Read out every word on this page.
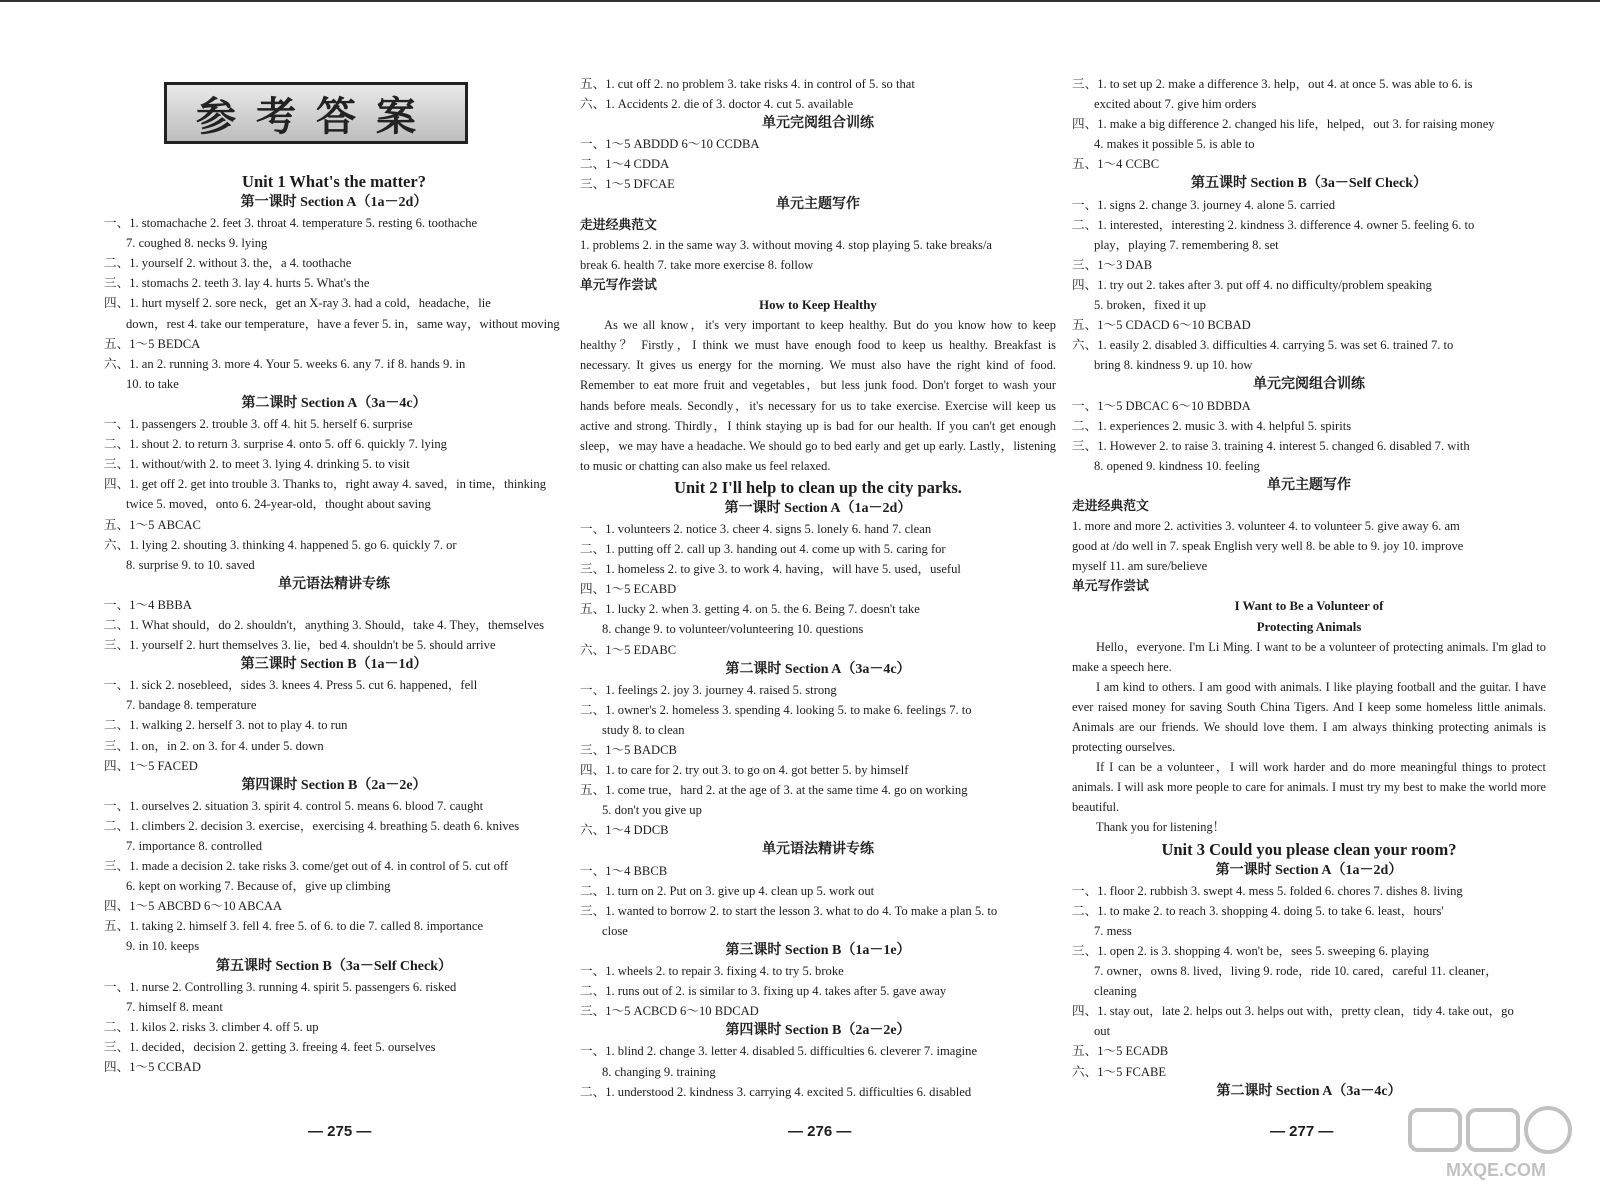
参考答案
Unit 1 What's the matter?
第一课时 Section A（1a－2d）
一、1. stomachache 2. feet 3. throat 4. temperature 5. resting 6. toothache
7. coughed 8. necks 9. lying
二、1. yourself 2. without 3. the，a 4. toothache
三、1. stomachs 2. teeth 3. lay 4. hurts 5. What's the
四、1. hurt myself 2. sore neck，get an X-ray 3. had a cold，headache，lie
down，rest 4. take our temperature，have a fever 5. in，same way，without moving
五、1～5 BEDCA
六、1. an 2. running 3. more 4. Your 5. weeks 6. any 7. if 8. hands 9. in
10. to take
第二课时 Section A（3a－4c）
一、1. passengers 2. trouble 3. off 4. hit 5. herself 6. surprise
二、1. shout 2. to return 3. surprise 4. onto 5. off 6. quickly 7. lying
三、1. without/with 2. to meet 3. lying 4. drinking 5. to visit
四、1. get off 2. get into trouble 3. Thanks to，right away 4. saved，in time，thinking
twice 5. moved，onto 6. 24-year-old，thought about saving
五、1～5 ABCAC
六、1. lying 2. shouting 3. thinking 4. happened 5. go 6. quickly 7. or
8. surprise 9. to 10. saved
单元语法精讲专练
一、1～4 BBBA
二、1. What should，do 2. shouldn't，anything 3. Should，take 4. They，themselves
三、1. yourself 2. hurt themselves 3. lie，bed 4. shouldn't be 5. should arrive
第三课时 Section B（1a－1d）
一、1. sick 2. nosebleed，sides 3. knees 4. Press 5. cut 6. happened，fell
7. bandage 8. temperature
二、1. walking 2. herself 3. not to play 4. to run
三、1. on，in 2. on 3. for 4. under 5. down
四、1～5 FACED
第四课时 Section B（2a－2e）
一、1. ourselves 2. situation 3. spirit 4. control 5. means 6. blood 7. caught
二、1. climbers 2. decision 3. exercise，exercising 4. breathing 5. death 6. knives
7. importance 8. controlled
三、1. made a decision 2. take risks 3. come/get out of 4. in control of 5. cut off
6. kept on working 7. Because of，give up climbing
四、1～5 ABCBD 6～10 ABCAA
五、1. taking 2. himself 3. fell 4. free 5. of 6. to die 7. called 8. importance
9. in 10. keeps
第五课时 Section B（3a－Self Check）
一、1. nurse 2. Controlling 3. running 4. spirit 5. passengers 6. risked
7. himself 8. meant
二、1. kilos 2. risks 3. climber 4. off 5. up
三、1. decided，decision 2. getting 3. freeing 4. feet 5. ourselves
四、1～5 CCBAD
五、1. cut off 2. no problem 3. take risks 4. in control of 5. so that
六、1. Accidents 2. die of 3. doctor 4. cut 5. available
单元完阅组合训练
一、1～5 ABDDD 6～10 CCDBA
二、1～4 CDDA
三、1～5 DFCAE
单元主题写作
走进经典范文
1. problems 2. in the same way 3. without moving 4. stop playing 5. take breaks/a
break 6. health 7. take more exercise 8. follow
单元写作尝试
How to Keep Healthy

As we all know，it's very important to keep healthy. But do you know how to keep healthy？ Firstly，I think we must have enough food to keep us healthy. Breakfast is necessary. It gives us energy for the morning. We must also have the right kind of food. Remember to eat more fruit and vegetables，but less junk food. Don't forget to wash your hands before meals. Secondly，it's necessary for us to take exercise. Exercise will keep us active and strong. Thirdly，I think staying up is bad for our health. If you can't get enough sleep，we may have a headache. We should go to bed early and get up early. Lastly，listening to music or chatting can also make us feel relaxed.

Unit 2 I'll help to clean up the city parks.
第一课时 Section A（1a－2d）
一、1. volunteers 2. notice 3. cheer 4. signs 5. lonely 6. hand 7. clean
二、1. putting off 2. call up 3. handing out 4. come up with 5. caring for
三、1. homeless 2. to give 3. to work 4. having，will have 5. used，useful
四、1～5 ECABD
五、1. lucky 2. when 3. getting 4. on 5. the 6. Being 7. doesn't take
8. change 9. to volunteer/volunteering 10. questions
六、1～5 EDABC
第二课时 Section A（3a－4c）
一、1. feelings 2. joy 3. journey 4. raised 5. strong
二、1. owner's 2. homeless 3. spending 4. looking 5. to make 6. feelings 7. to
study 8. to clean
三、1～5 BADCB
四、1. to care for 2. try out 3. to go on 4. got better 5. by himself
五、1. come true，hard 2. at the age of 3. at the same time 4. go on working
5. don't you give up
六、1～4 DDCB
单元语法精讲专练
一、1～4 BBCB
二、1. turn on 2. Put on 3. give up 4. clean up 5. work out
三、1. wanted to borrow 2. to start the lesson 3. what to do 4. To make a plan 5. to
close
第三课时 Section B（1a－1e）
一、1. wheels 2. to repair 3. fixing 4. to try 5. broke
二、1. runs out of 2. is similar to 3. fixing up 4. takes after 5. gave away
三、1～5 ACBCD 6～10 BDCAD
第四课时 Section B（2a－2e）
一、1. blind 2. change 3. letter 4. disabled 5. difficulties 6. cleverer 7. imagine
8. changing 9. training
二、1. understood 2. kindness 3. carrying 4. excited 5. difficulties 6. disabled
三、1. to set up 2. make a difference 3. help，out 4. at once 5. was able to 6. is
excited about 7. give him orders
四、1. make a big difference 2. changed his life，helped，out 3. for raising money
4. makes it possible 5. is able to
五、1～4 CCBC
第五课时 Section B（3a－Self Check）
一、1. signs 2. change 3. journey 4. alone 5. carried
二、1. interested，interesting 2. kindness 3. difference 4. owner 5. feeling 6. to
play，playing 7. remembering 8. set
三、1～3 DAB
四、1. try out 2. takes after 3. put off 4. no difficulty/problem speaking
5. broken，fixed it up
五、1～5 CDACD 6～10 BCBAD
六、1. easily 2. disabled 3. difficulties 4. carrying 5. was set 6. trained 7. to
bring 8. kindness 9. up 10. how
单元完阅组合训练
一、1～5 DBCAC 6～10 BDBDA
二、1. experiences 2. music 3. with 4. helpful 5. spirits
三、1. However 2. to raise 3. training 4. interest 5. changed 6. disabled 7. with
8. opened 9. kindness 10. feeling
单元主题写作
走进经典范文
1. more and more 2. activities 3. volunteer 4. to volunteer 5. give away 6. am
good at /do well in 7. speak English very well 8. be able to 9. joy 10. improve
myself 11. am sure/believe
单元写作尝试
I Want to Be a Volunteer of
Protecting Animals

Hello，everyone. I'm Li Ming. I want to be a volunteer of protecting animals. I'm glad to make a speech here.

I am kind to others. I am good with animals. I like playing football and the guitar. I have ever raised money for saving South China Tigers. And I keep some homeless little animals. Animals are our friends. We should love them. I am always thinking protecting animals is protecting ourselves.

If I can be a volunteer，I will work harder and do more meaningful things to protect animals. I will ask more people to care for animals. I must try my best to make the world more beautiful.

Thank you for listening！

Unit 3 Could you please clean your room?
第一课时 Section A（1a－2d）
一、1. floor 2. rubbish 3. swept 4. mess 5. folded 6. chores 7. dishes 8. living
二、1. to make 2. to reach 3. shopping 4. doing 5. to take 6. least，hours'
7. mess
三、1. open 2. is 3. shopping 4. won't be，sees 5. sweeping 6. playing
7. owner，owns 8. lived，living 9. rode，ride 10. cared，careful 11. cleaner，
cleaning
四、1. stay out，late 2. helps out 3. helps out with，pretty clean，tidy 4. take out，go
out
五、1～5 ECADB
六、1～5 FCABE
第二课时 Section A（3a－4c）
— 275 —	— 276 —	— 277 —
MXQE.COM
